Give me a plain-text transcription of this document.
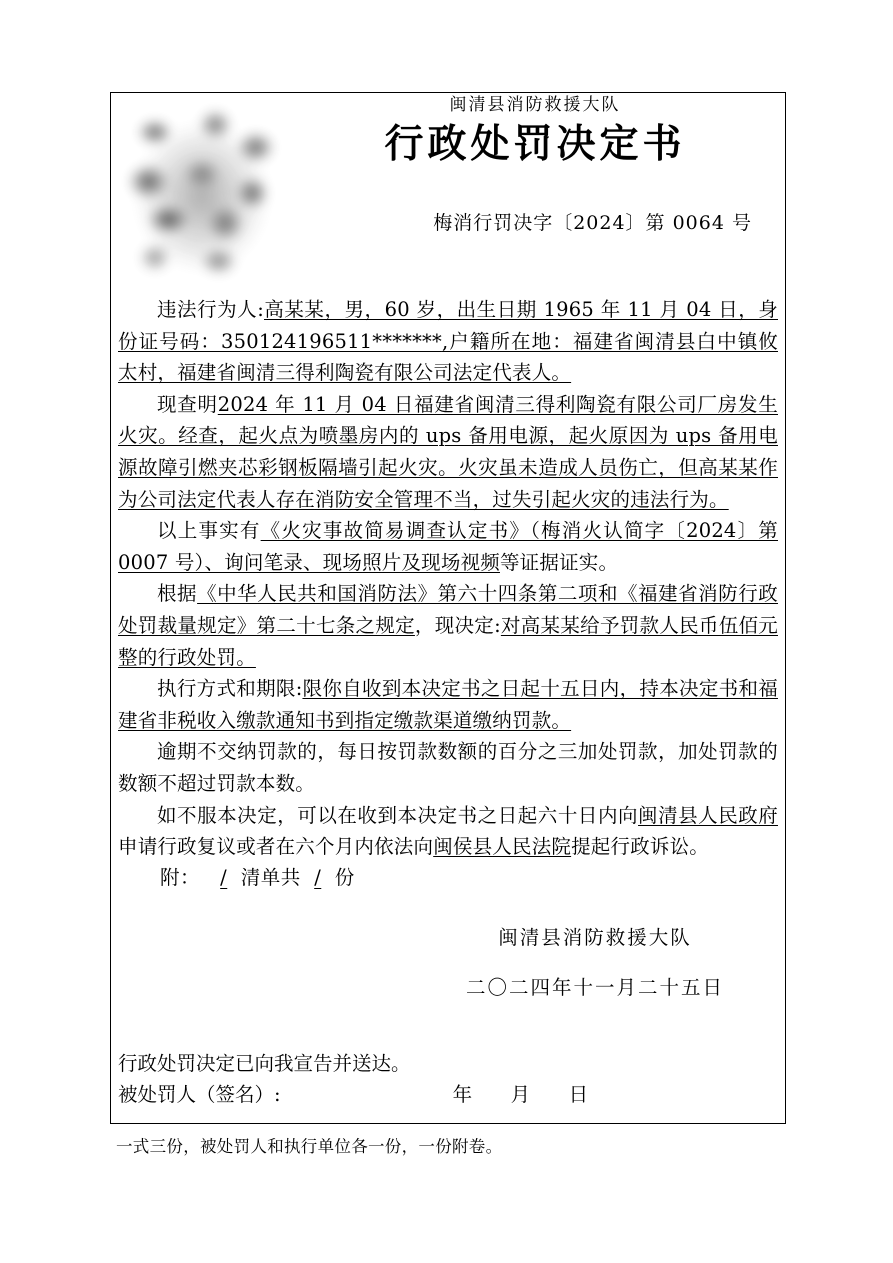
闽清县消防救援大队
行政处罚决定书
梅消行罚决字〔2024〕第 0064 号

违法行为人:高某某，男，60 岁，出生日期 1965 年 11 月 04 日，身份证号码：350124196511*******,户籍所在地：福建省闽清县白中镇攸太村，福建省闽清三得利陶瓷有限公司法定代表人。

现查明2024 年 11 月 04 日福建省闽清三得利陶瓷有限公司厂房发生火灾。经查，起火点为喷墨房内的 ups 备用电源，起火原因为 ups 备用电源故障引燃夹芯彩钢板隔墙引起火灾。火灾虽未造成人员伤亡，但高某某作为公司法定代表人存在消防安全管理不当，过失引起火灾的违法行为。

以上事实有《火灾事故简易调查认定书》（梅消火认简字〔2024〕第 0007 号）、询问笔录、现场照片及现场视频等证据证实。

根据《中华人民共和国消防法》第六十四条第二项和《福建省消防行政处罚裁量规定》第二十七条之规定，现决定:对高某某给予罚款人民币伍佰元整的行政处罚。

执行方式和期限:限你自收到本决定书之日起十五日内，持本决定书和福建省非税收入缴款通知书到指定缴款渠道缴纳罚款。

逾期不交纳罚款的，每日按罚款数额的百分之三加处罚款，加处罚款的数额不超过罚款本数。

如不服本决定，可以在收到本决定书之日起六十日内向闽清县人民政府申请行政复议或者在六个月内依法向闽侯县人民法院提起行政诉讼。

附： / 清单共 / 份
闽清县消防救援大队
二〇二四年十一月二十五日
行政处罚决定已向我宣告并送达。
被处罚人（签名）:	年 月 日
一式三份，被处罚人和执行单位各一份，一份附卷。
